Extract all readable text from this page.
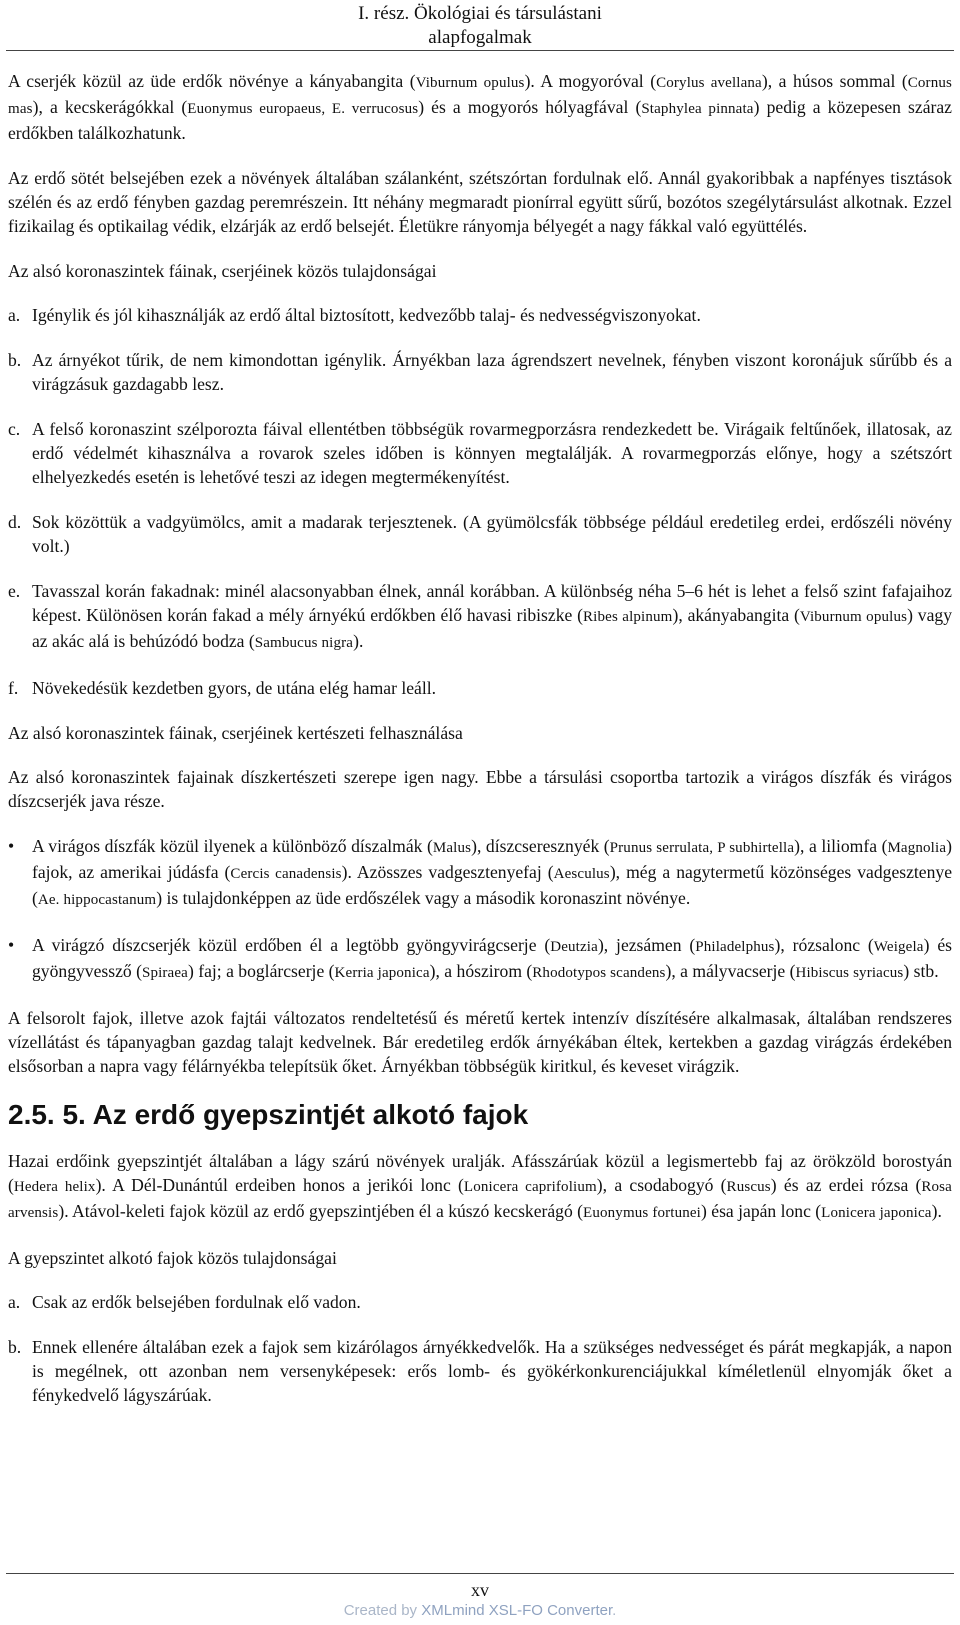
I. rész. Ökológiai és társulástani
alapfogalmak

A cserjék közül az üde erdők növénye a kányabangita (Viburnum opulus). A mogyoróval (Corylus avellana), a húsos sommal (Cornus mas), a kecskerágókkal (Euonymus europaeus, E. verrucosus) és a mogyorós hólyagfával (Staphylea pinnata) pedig a közepesen száraz erdőkben találkozhatunk.

Az erdő sötét belsejében ezek a növények általában szálanként, szétszórtan fordulnak elő. Annál gyakoribbak a napfényes tisztások szélén és az erdő fényben gazdag peremrészein. Itt néhány megmaradt pionírral együtt sűrű, bozótos szegélytársulást alkotnak. Ezzel fizikailag és optikailag védik, elzárják az erdő belsejét. Életükre rányomja bélyegét a nagy fákkal való együttélés.

Az alsó koronaszintek fáinak, cserjéinek közös tulajdonságai

a. Igénylik és jól kihasználják az erdő által biztosított, kedvezőbb talaj- és nedvességviszonyokat.
b. Az árnyékot tűrik, de nem kimondottan igénylik. Árnyékban laza ágrendszert nevelnek, fényben viszont koronájuk sűrűbb és a virágzásuk gazdagabb lesz.
c. A felső koronaszint szélporozta fáival ellentétben többségük rovarmegporzásra rendezkedett be. Virágaik feltűnőek, illatosak, az erdő védelmét kihasználva a rovarok szeles időben is könnyen megtalálják. A rovarmegporzás előnye, hogy a szétszórt elhelyezkedés esetén is lehetővé teszi az idegen megtermékenyítést.
d. Sok közöttük a vadgyümölcs, amit a madarak terjesztenek. (A gyümölcsfák többsége például eredetileg erdei, erdőszéli növény volt.)
e. Tavasszal korán fakadnak: minél alacsonyabban élnek, annál korábban. A különbség néha 5–6 hét is lehet a felső szint fafajaihoz képest. Különösen korán fakad a mély árnyékú erdőkben élő havasi ribiszke (Ribes alpinum), akányabangita (Viburnum opulus) vagy az akác alá is behúzódó bodza (Sambucus nigra).
f. Növekedésük kezdetben gyors, de utána elég hamar leáll.

Az alsó koronaszintek fáinak, cserjéinek kertészeti felhasználása

Az alsó koronaszintek fajainak díszkertészeti szerepe igen nagy. Ebbe a társulási csoportba tartozik a virágos díszfák és virágos díszcserjék java része.

•	A virágos díszfák közül ilyenek a különböző díszalmák (Malus), díszcseresznyék (Prunus serrulata, P subhirtella), a liliomfa (Magnolia) fajok, az amerikai júdásfa (Cercis canadensis). Azösszes vadgesztenyefaj (Aesculus), még a nagytermetű közönséges vadgesztenye (Ae. hippocastanum) is tulajdonképpen az üde erdőszélek vagy a második koronaszint növénye.
•	A virágzó díszcserjék közül erdőben él a legtöbb gyöngyvirágcserje (Deutzia), jezsámen (Philadelphus), rózsalonc (Weigela) és gyöngyvessző (Spiraea) faj; a boglárcserje (Kerria japonica), a hószirom (Rhodotypos scandens), a mályvacserje (Hibiscus syriacus) stb.

A felsorolt fajok, illetve azok fajtái változatos rendeltetésű és méretű kertek intenzív díszítésére alkalmasak, általában rendszeres vízellátást és tápanyagban gazdag talajt kedvelnek. Bár eredetileg erdők árnyékában éltek, kertekben a gazdag virágzás érdekében elsősorban a napra vagy félárnyékba telepítsük őket. Árnyékban többségük kiritkul, és keveset virágzik.

2.5. 5. Az erdő gyepszintjét alkotó fajok

Hazai erdőink gyepszintjét általában a lágy szárú növények uralják. Afásszárúak közül a legismertebb faj az örökzöld borostyán (Hedera helix). A Dél-Dunántúl erdeiben honos a jerikói lonc (Lonicera caprifolium), a csodabogyó (Ruscus) és az erdei rózsa (Rosa arvensis). Atávol-keleti fajok közül az erdő gyepszintjében él a kúszó kecskerágó (Euonymus fortunei) ésa japán lonc (Lonicera japonica).

A gyepszintet alkotó fajok közös tulajdonságai

a. Csak az erdők belsejében fordulnak elő vadon.
b. Ennek ellenére általában ezek a fajok sem kizárólagos árnyékkedvelők. Ha a szükséges nedvességet és párát megkapják, a napon is megélnek, ott azonban nem versenyképesek: erős lomb- és gyökérkonkurenciájukkal kíméletlenül elnyomják őket a fénykedvelő lágyszárúak.
xv
Created by XMLmind XSL-FO Converter.
